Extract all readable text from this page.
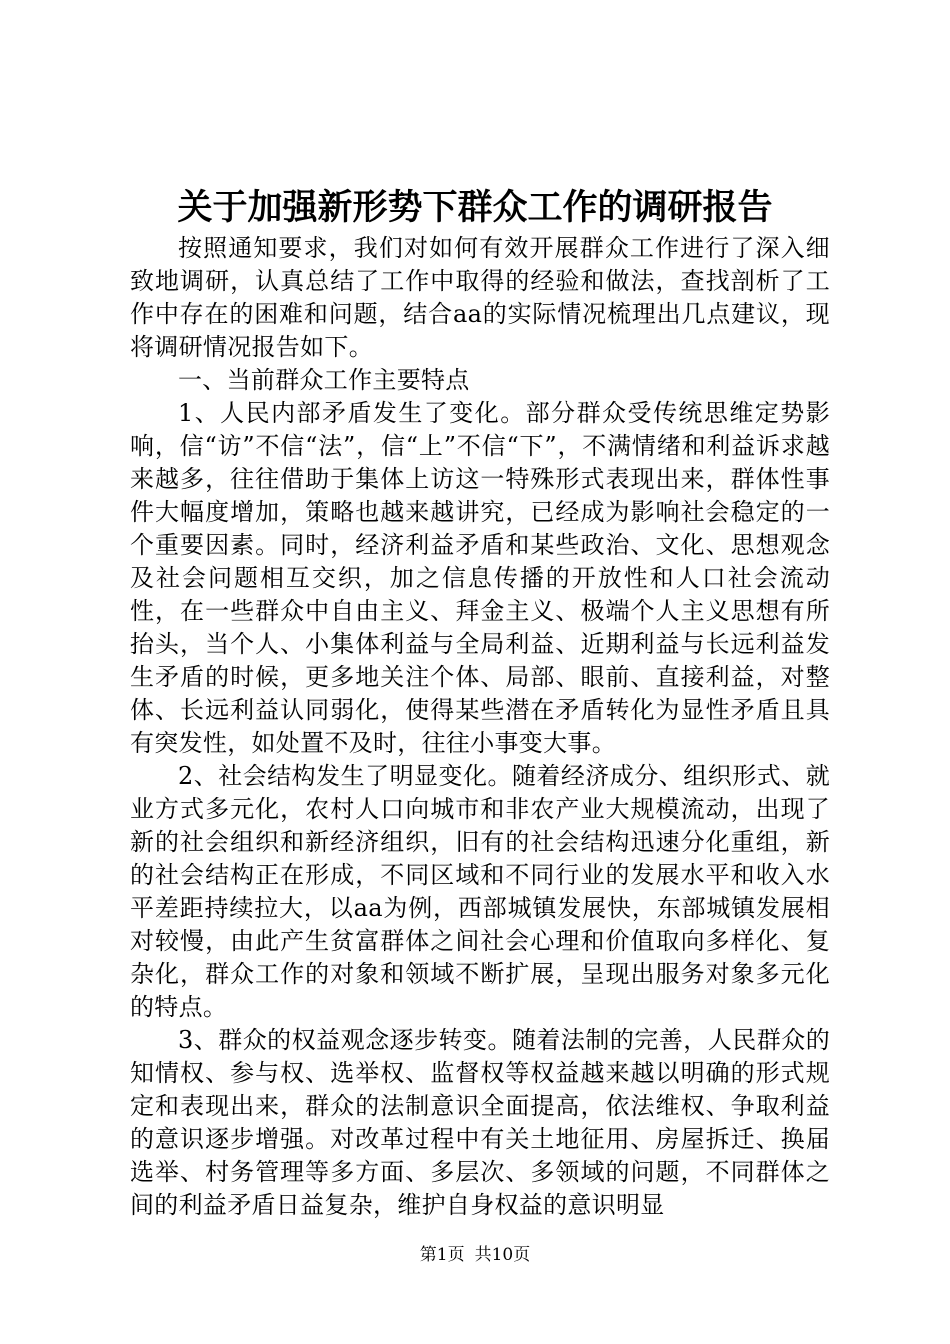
关于加强新形势下群众工作的调研报告

按照通知要求，我们对如何有效开展群众工作进行了深入细致地调研，认真总结了工作中取得的经验和做法，查找剖析了工作中存在的困难和问题，结合aa的实际情况梳理出几点建议，现将调研情况报告如下。

一、当前群众工作主要特点

1、人民内部矛盾发生了变化。部分群众受传统思维定势影响，信“访”不信“法”，信“上”不信“下”，不满情绪和利益诉求越来越多，往往借助于集体上访这一特殊形式表现出来，群体性事件大幅度增加，策略也越来越讲究，已经成为影响社会稳定的一个重要因素。同时，经济利益矛盾和某些政治、文化、思想观念及社会问题相互交织，加之信息传播的开放性和人口社会流动性，在一些群众中自由主义、拜金主义、极端个人主义思想有所抬头，当个人、小集体利益与全局利益、近期利益与长远利益发生矛盾的时候，更多地关注个体、局部、眼前、直接利益，对整体、长远利益认同弱化，使得某些潜在矛盾转化为显性矛盾且具有突发性，如处置不及时，往往小事变大事。

2、社会结构发生了明显变化。随着经济成分、组织形式、就业方式多元化，农村人口向城市和非农产业大规模流动，出现了新的社会组织和新经济组织，旧有的社会结构迅速分化重组，新的社会结构正在形成，不同区域和不同行业的发展水平和收入水平差距持续拉大，以aa为例，西部城镇发展快，东部城镇发展相对较慢，由此产生贫富群体之间社会心理和价值取向多样化、复杂化，群众工作的对象和领域不断扩展，呈现出服务对象多元化的特点。

3、群众的权益观念逐步转变。随着法制的完善，人民群众的知情权、参与权、选举权、监督权等权益越来越以明确的形式规定和表现出来，群众的法制意识全面提高，依法维权、争取利益的意识逐步增强。对改革过程中有关土地征用、房屋拆迁、换届选举、村务管理等多方面、多层次、多领域的问题，不同群体之间的利益矛盾日益复杂，维护自身权益的意识明显

第1页 共10页
